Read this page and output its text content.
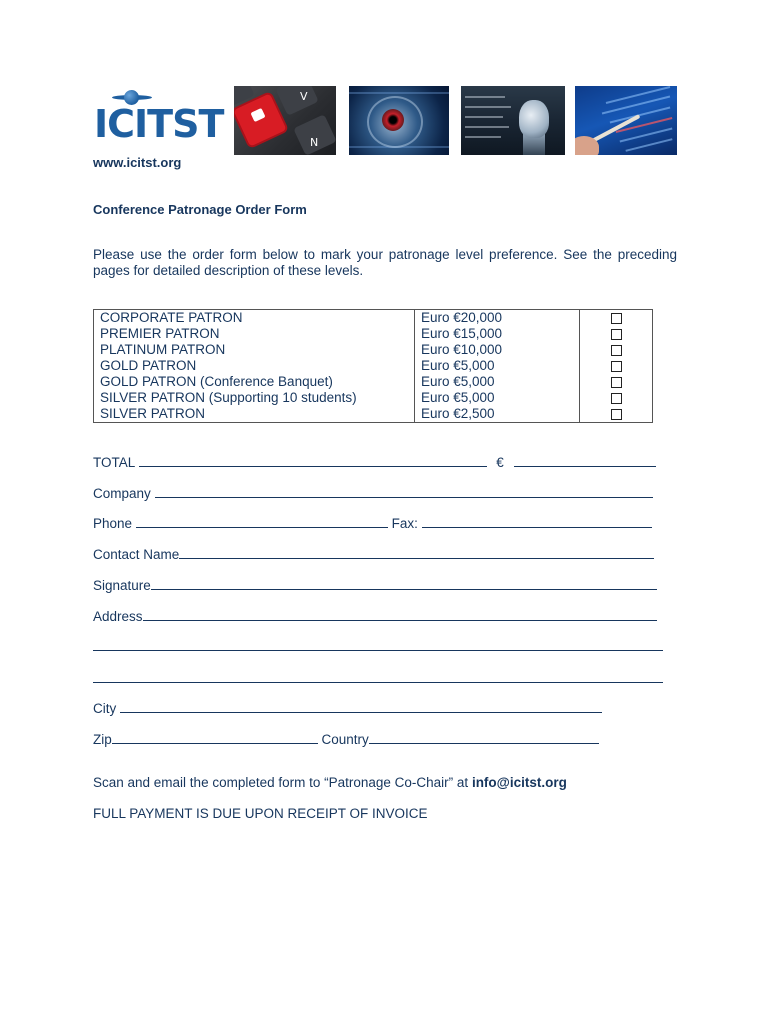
ICITST
V
N
www.icitst.org
Conference Patronage Order Form
Please use the order form below to mark your patronage level preference. See the preceding pages for detailed description of these levels.
CORPORATE PATRON	Euro €20,000	
PREMIER PATRON	Euro €15,000	
PLATINUM PATRON	Euro €10,000	
GOLD PATRON	Euro €5,000	
GOLD PATRON (Conference Banquet)	Euro €5,000	
SILVER PATRON (Supporting 10 students)	Euro €5,000	
SILVER PATRON	Euro €2,500	
TOTAL	€
Company
Phone	Fax:
Contact Name
Signature
Address
City
Zip	Country
Scan and email the completed form to “Patronage Co-Chair” at info@icitst.org
FULL PAYMENT IS DUE UPON RECEIPT OF INVOICE
